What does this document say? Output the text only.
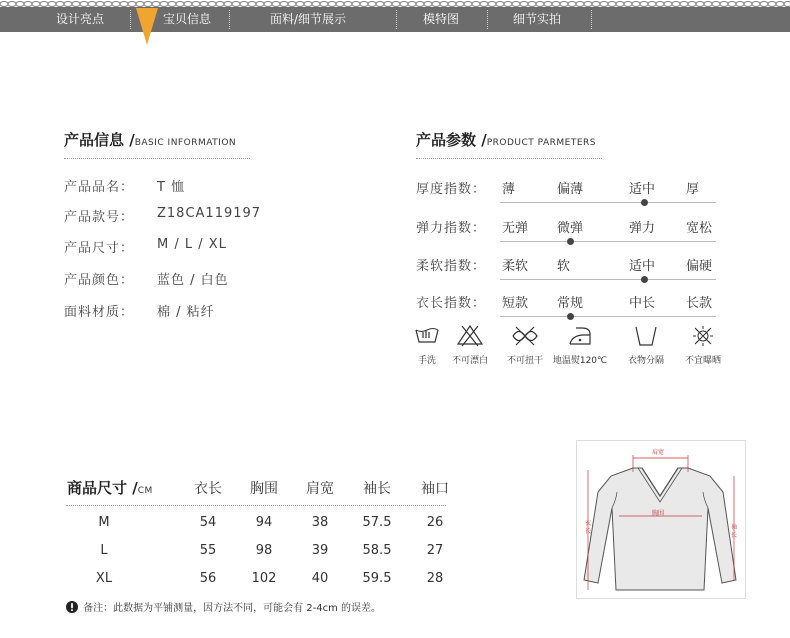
设计亮点	宝贝信息	面料/细节展示	模特图	细节实拍
产品信息 /BASIC INFORMATION
产品品名： T 恤
产品款号： Z18CA119197
产品尺寸： M / L / XL
产品颜色： 蓝色 / 白色
面料材质： 棉 / 粘纤
产品参数 /PRODUCT PARMETERS
厚度指数： 薄	偏薄	适中 厚
弹力指数： 无弹 微弹	弹力 宽松
柔软指数： 柔软 软	适中 偏硬
衣长指数： 短款 常规	中长 长款
手洗	不可漂白	不可扭干	地温熨120℃	衣物分隔	不宜曝晒
商品尺寸 /CM	衣长	胸围	肩宽	袖长	袖口
M	54	94	38	57.5	26
L	55	98	39	58.5	27
XL	56	102	40	59.5	28
备注：此数据为平铺测量，因方法不同，可能会有 2-4cm 的误差。
肩宽
胸围
衣长
袖长
